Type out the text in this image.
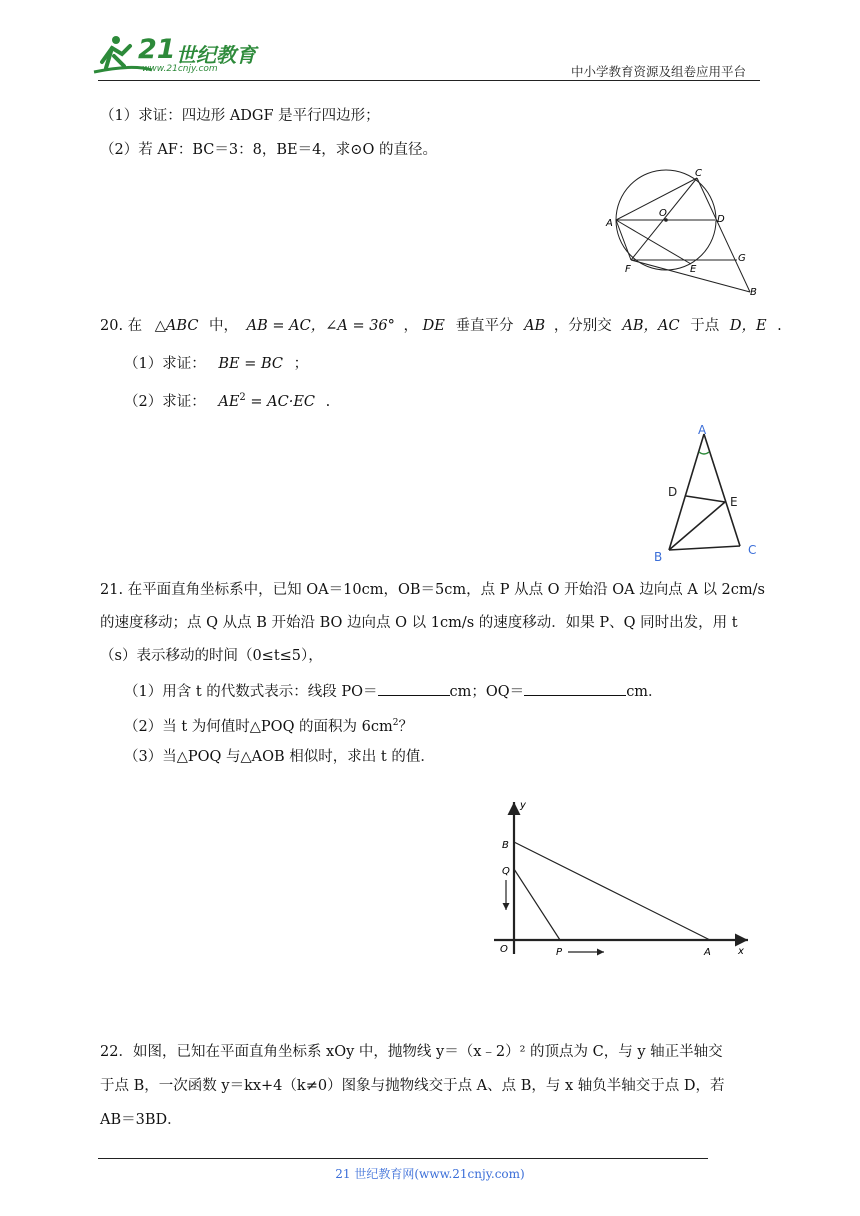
21 世纪教育
www.21cnjy.com	中小学教育资源及组卷应用平台
（1）求证：四边形 ADGF 是平行四边形；
（2）若 AF：BC＝3：8，BE＝4，求⊙O 的直径。
A
C
O
D
F	E
G
B
20. 在 △ABC 中， AB = AC，∠A = 36° ， DE 垂直平分 AB ，分别交 AB，AC 于点 D，E .
（1）求证： BE = BC ；
（2）求证： $AE^2 = AC\cdot EC$ .
A
D
E
B	C
21. 在平面直角坐标系中，已知 OA＝10cm，OB＝5cm，点 P 从点 O 开始沿 OA 边向点 A 以 2cm/s
的速度移动；点 Q 从点 B 开始沿 BO 边向点 O 以 1cm/s 的速度移动．如果 P、Q 同时出发，用 t
（s）表示移动的时间（0≤t≤5），
（1）用含 t 的代数式表示：线段 PO＝	cm；OQ＝	cm．
（2）当 t 为何值时△POQ 的面积为 $6cm^2$？
（3）当△POQ 与△AOB 相似时，求出 t 的值．
y
x
B
Q
O	P	A
22．如图，已知在平面直角坐标系 xOy 中，抛物线 y＝（x﹣2）² 的顶点为 C，与 y 轴正半轴交
于点 B，一次函数 y＝kx+4（k≠0）图象与抛物线交于点 A、点 B，与 x 轴负半轴交于点 D，若
AB＝3BD．
21 世纪教育网(www.21cnjy.com)
